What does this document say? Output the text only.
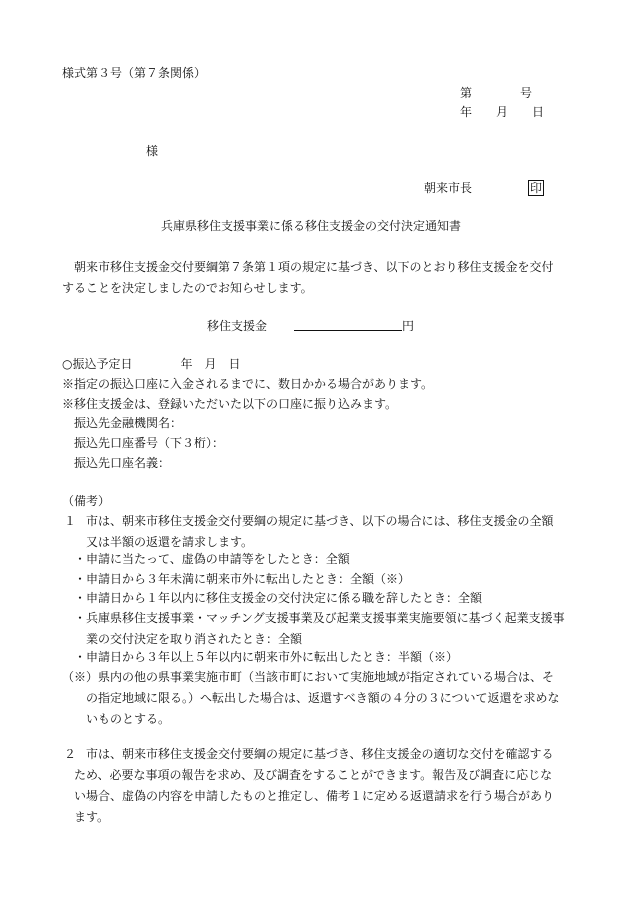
様式第３号（第７条関係）
第　　　　号
年　　月　　日
様
朝来市長	印
兵庫県移住支援事業に係る移住支援金の交付決定通知書
朝来市移住支援金交付要綱第７条第１項の規定に基づき、以下のとおり移住支援金を交付することを決定しましたのでお知らせします。
移住支援金	円
○振込予定日　　　　年　月　日
※指定の振込口座に入金されるまでに、数日かかる場合があります。
※移住支援金は、登録いただいた以下の口座に振り込みます。
振込先金融機関名：
振込先口座番号（下３桁）：
振込先口座名義：
（備考）
１ 市は、朝来市移住支援金交付要綱の規定に基づき、以下の場合には、移住支援金の全額又は半額の返還を請求します。
・申請に当たって、虚偽の申請等をしたとき：全額
・申請日から３年未満に朝来市外に転出したとき：全額（※）
・申請日から１年以内に移住支援金の交付決定に係る職を辞したとき：全額
・兵庫県移住支援事業・マッチング支援事業及び起業支援事業実施要領に基づく起業支援事業の交付決定を取り消されたとき：全額
・申請日から３年以上５年以内に朝来市外に転出したとき：半額（※）
（※） 県内の他の県事業実施市町（当該市町において実施地域が指定されている場合は、その指定地域に限る。）へ転出した場合は、返還すべき額の４分の３について返還を求めないものとする。
２ 市は、朝来市移住支援金交付要綱の規定に基づき、移住支援金の適切な交付を確認するため、必要な事項の報告を求め、及び調査をすることができます。報告及び調査に応じない場合、虚偽の内容を申請したものと推定し、備考１に定める返還請求を行う場合があります。
